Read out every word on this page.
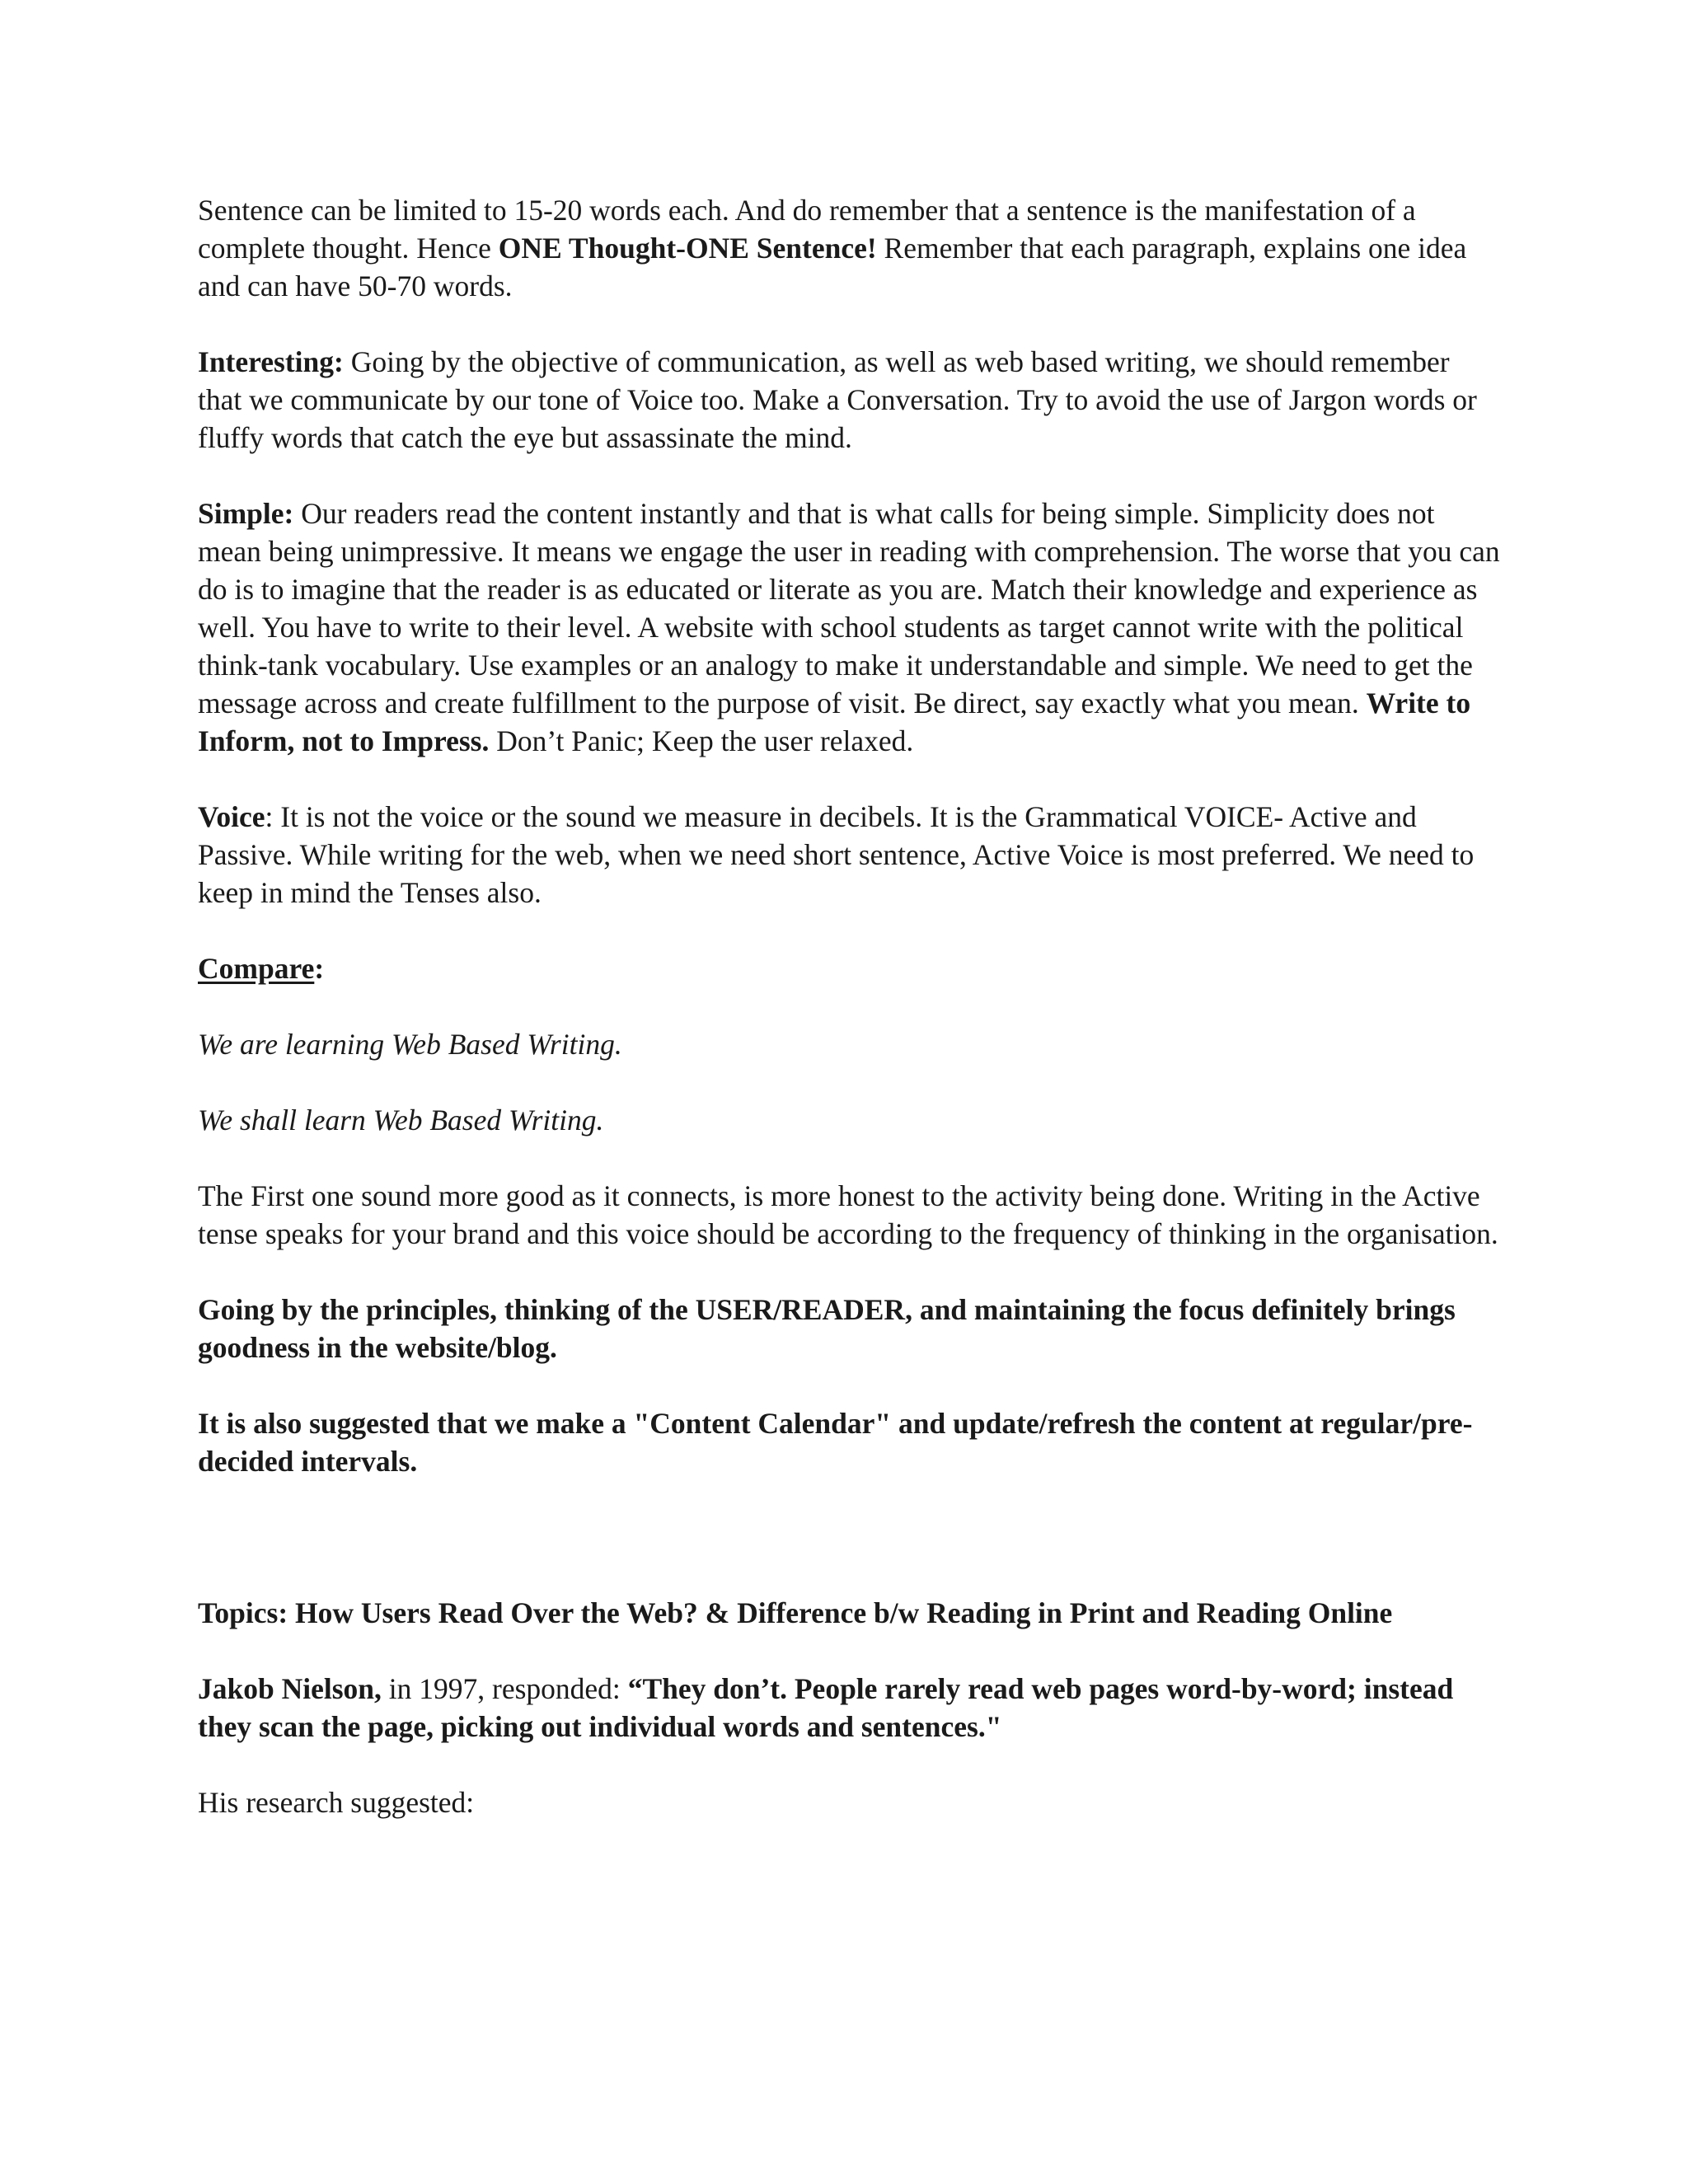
Sentence can be limited to 15-20 words each. And do remember that a sentence is the manifestation of a complete thought. Hence ONE Thought-ONE Sentence! Remember that each paragraph, explains one idea and can have 50-70 words.

Interesting: Going by the objective of communication, as well as web based writing, we should remember that we communicate by our tone of Voice too. Make a Conversation. Try to avoid the use of Jargon words or fluffy words that catch the eye but assassinate the mind.

Simple: Our readers read the content instantly and that is what calls for being simple. Simplicity does not mean being unimpressive. It means we engage the user in reading with comprehension. The worse that you can do is to imagine that the reader is as educated or literate as you are. Match their knowledge and experience as well. You have to write to their level. A website with school students as target cannot write with the political think-tank vocabulary. Use examples or an analogy to make it understandable and simple. We need to get the message across and create fulfillment to the purpose of visit. Be direct, say exactly what you mean. Write to Inform, not to Impress. Don’t Panic; Keep the user relaxed.

Voice: It is not the voice or the sound we measure in decibels. It is the Grammatical VOICE- Active and Passive. While writing for the web, when we need short sentence, Active Voice is most preferred. We need to keep in mind the Tenses also.

Compare:

We are learning Web Based Writing.

We shall learn Web Based Writing.

The First one sound more good as it connects, is more honest to the activity being done. Writing in the Active tense speaks for your brand and this voice should be according to the frequency of thinking in the organisation.

Going by the principles, thinking of the USER/READER, and maintaining the focus definitely brings goodness in the website/blog.

It is also suggested that we make a "Content Calendar" and update/refresh the content at regular/pre-decided intervals.

Topics: How Users Read Over the Web? & Difference b/w Reading in Print and Reading Online

Jakob Nielson, in 1997, responded: “They don’t. People rarely read web pages word-by-word; instead they scan the page, picking out individual words and sentences."

His research suggested:
